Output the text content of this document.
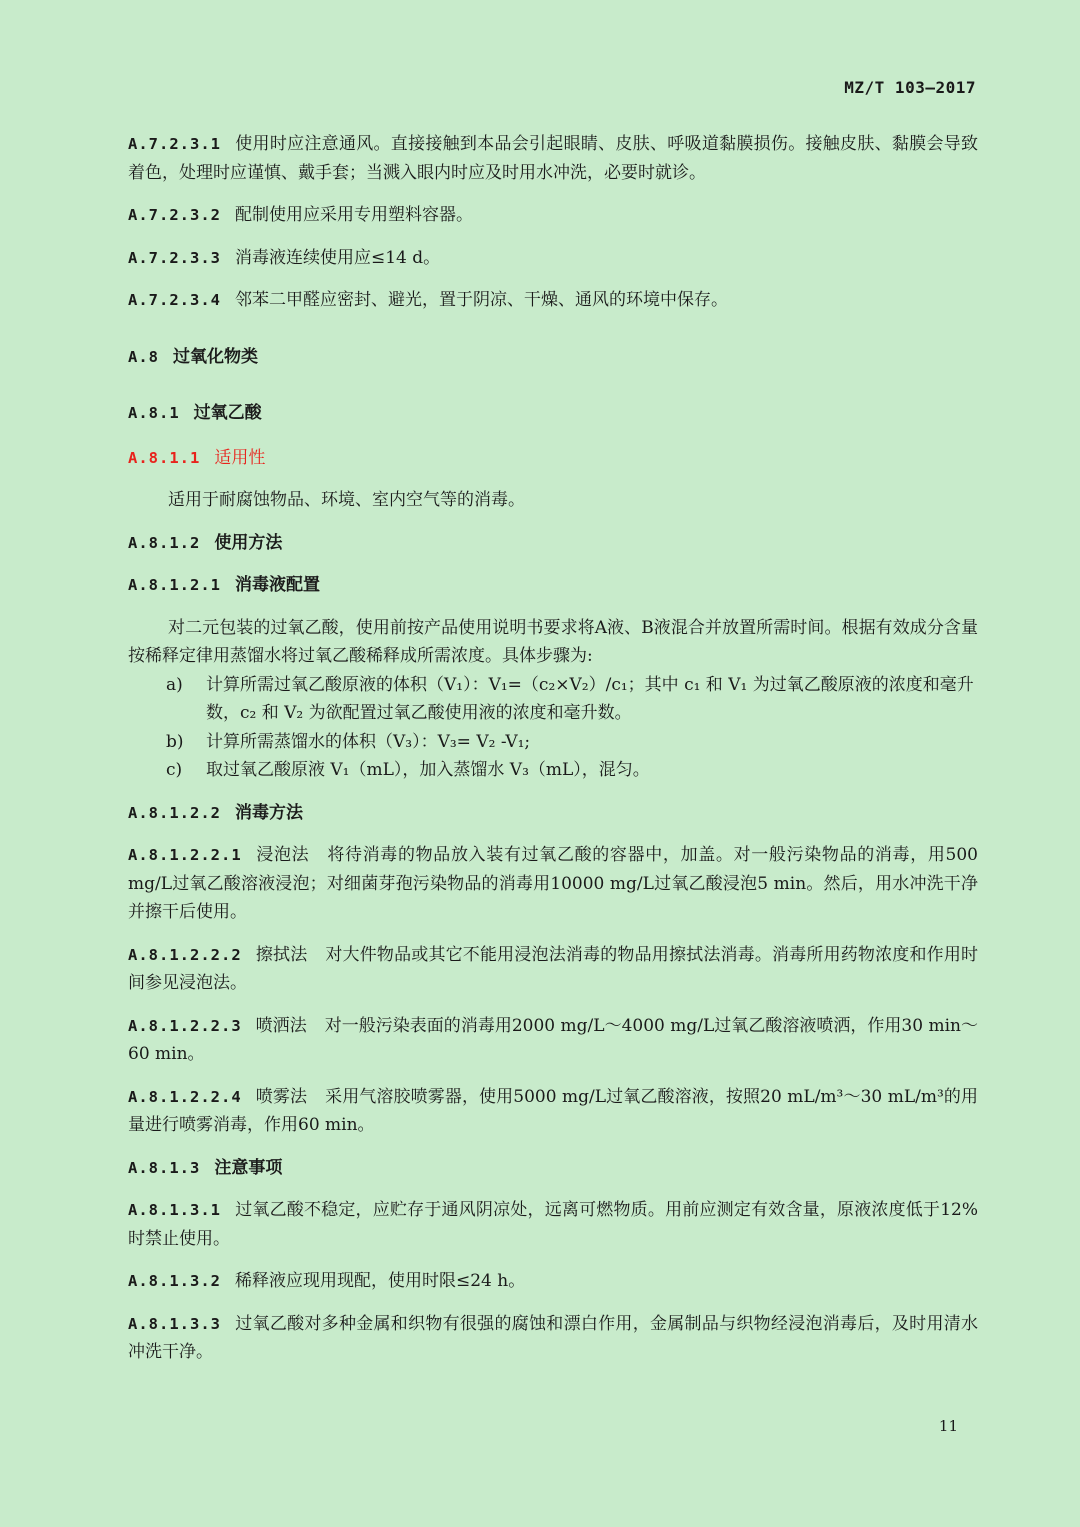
MZ/T 103—2017

A.7.2.3.1 使用时应注意通风。直接接触到本品会引起眼睛、皮肤、呼吸道黏膜损伤。接触皮肤、黏膜会导致着色，处理时应谨慎、戴手套；当溅入眼内时应及时用水冲洗，必要时就诊。

A.7.2.3.2 配制使用应采用专用塑料容器。

A.7.2.3.3 消毒液连续使用应≤14 d。

A.7.2.3.4 邻苯二甲醛应密封、避光，置于阴凉、干燥、通风的环境中保存。

A.8 过氧化物类

A.8.1 过氧乙酸

A.8.1.1 适用性

适用于耐腐蚀物品、环境、室内空气等的消毒。

A.8.1.2 使用方法

A.8.1.2.1 消毒液配置

对二元包装的过氧乙酸，使用前按产品使用说明书要求将A液、B液混合并放置所需时间。根据有效成分含量按稀释定律用蒸馏水将过氧乙酸稀释成所需浓度。具体步骤为:

a) 计算所需过氧乙酸原液的体积（V₁）：V₁=（c₂×V₂）/c₁；其中 c₁ 和 V₁ 为过氧乙酸原液的浓度和毫升数，c₂ 和 V₂ 为欲配置过氧乙酸使用液的浓度和毫升数。

b) 计算所需蒸馏水的体积（V₃）：V₃= V₂ -V₁;

c) 取过氧乙酸原液 V₁（mL），加入蒸馏水 V₃（mL），混匀。

A.8.1.2.2 消毒方法

A.8.1.2.2.1 浸泡法 将待消毒的物品放入装有过氧乙酸的容器中，加盖。对一般污染物品的消毒，用500 mg/L过氧乙酸溶液浸泡；对细菌芽孢污染物品的消毒用10000 mg/L过氧乙酸浸泡5 min。然后，用水冲洗干净并擦干后使用。

A.8.1.2.2.2 擦拭法 对大件物品或其它不能用浸泡法消毒的物品用擦拭法消毒。消毒所用药物浓度和作用时间参见浸泡法。

A.8.1.2.2.3 喷洒法 对一般污染表面的消毒用2000 mg/L～4000 mg/L过氧乙酸溶液喷洒，作用30 min～60 min。

A.8.1.2.2.4 喷雾法 采用气溶胶喷雾器，使用5000 mg/L过氧乙酸溶液，按照20 mL/m³～30 mL/m³的用量进行喷雾消毒，作用60 min。

A.8.1.3 注意事项

A.8.1.3.1 过氧乙酸不稳定，应贮存于通风阴凉处，远离可燃物质。用前应测定有效含量，原液浓度低于12%时禁止使用。

A.8.1.3.2 稀释液应现用现配，使用时限≤24 h。

A.8.1.3.3 过氧乙酸对多种金属和织物有很强的腐蚀和漂白作用，金属制品与织物经浸泡消毒后，及时用清水冲洗干净。

11
